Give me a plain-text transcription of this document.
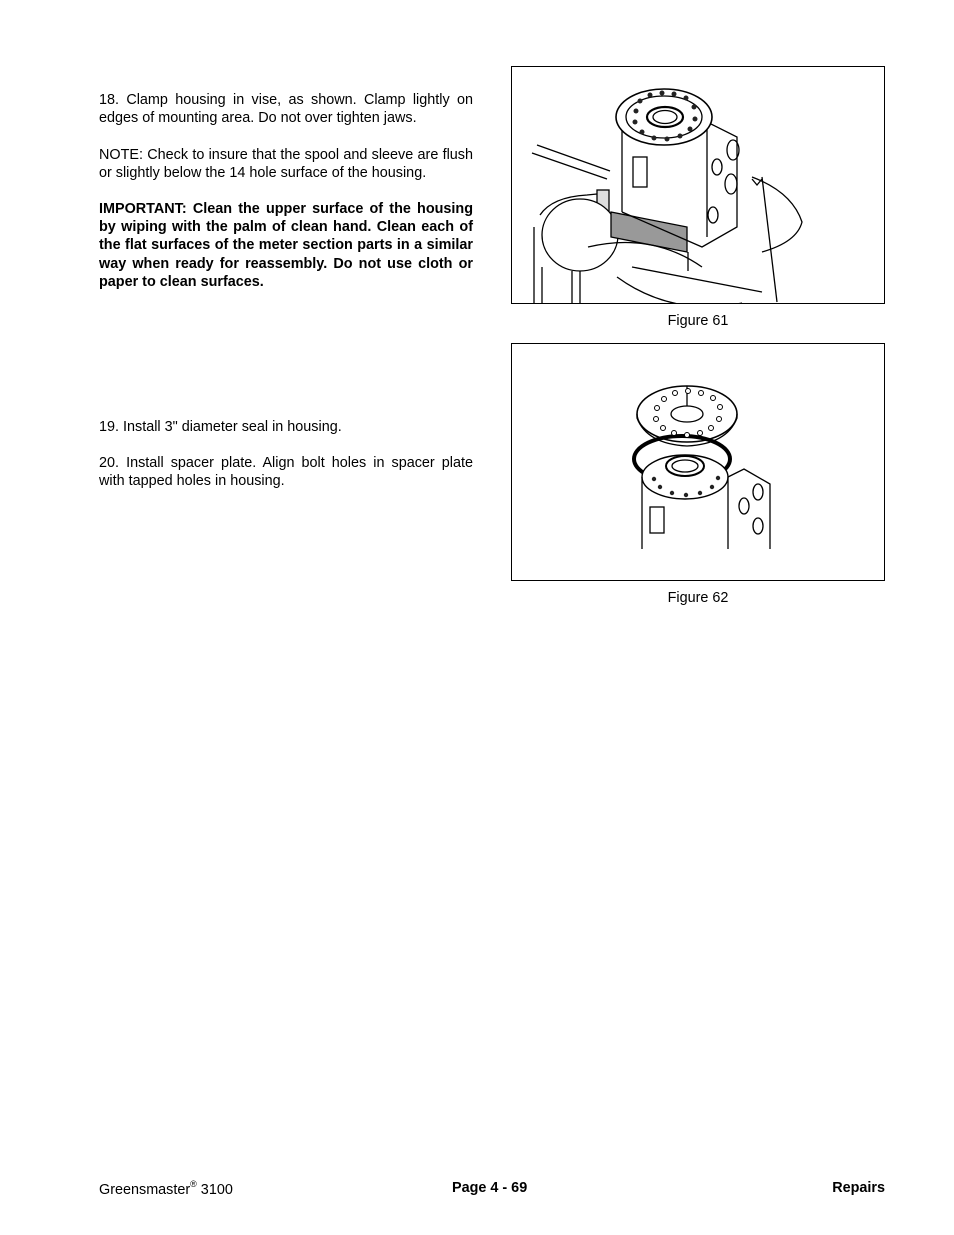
18. Clamp housing in vise, as shown. Clamp lightly on edges of mounting area. Do not over tighten jaws.

NOTE: Check to insure that the spool and sleeve are flush or slightly below the 14 hole surface of the housing.

IMPORTANT: Clean the upper surface of the housing by wiping with the palm of clean hand. Clean each of the flat surfaces of the meter section parts in a similar way when ready for reassembly. Do not use cloth or paper to clean surfaces.

19. Install 3" diameter seal in housing.

20. Install spacer plate. Align bolt holes in spacer plate with tapped holes in housing.

Figure 61
Figure 62
Greensmaster® 3100	Page 4 - 69	Repairs
